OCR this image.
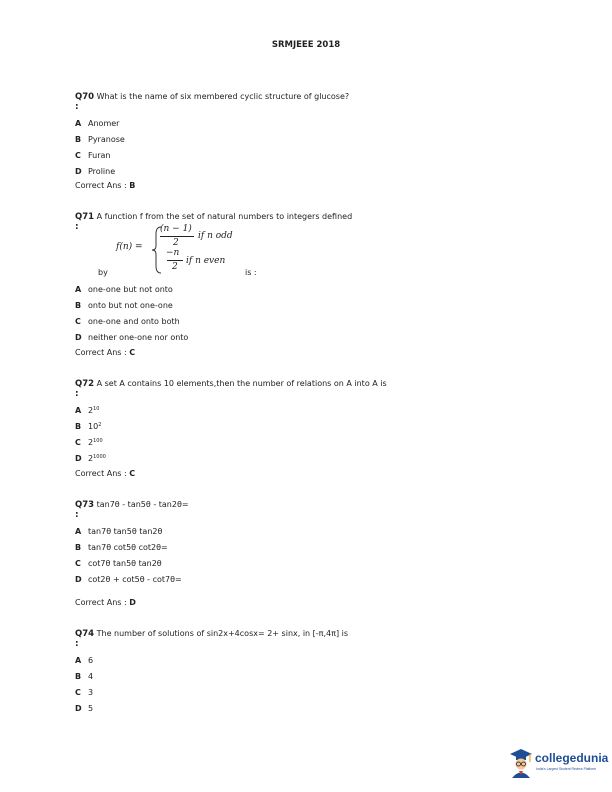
SRMJEEE 2018
Q70 What is the name of six membered cyclic structure of glucose?
:
A Anomer
B Pyranose
C Furan
D Proline
Correct Ans : B
Q71 A function f from the set of natural numbers to integers defined
:
f(n) =
(n − 1)
2
if n odd
−n
2
if n even
by	is :
A one-one but not onto
B onto but not one-one
C one-one and onto both
D neither one-one nor onto
Correct Ans : C
Q72 A set A contains 10 elements,then the number of relations on A into A is
:
A $2^{10}$
B $10^2$
C $2^{100}$
D $2^{1000}$
Correct Ans : C
Q73 tan7θ - tan5θ - tan2θ=
:
A tan7θ tan5θ tan2θ
B tan7θ cot5θ cot2θ=
C cot7θ tan5θ tan2θ
D cot2θ + cot5θ - cot7θ=
Correct Ans : D
Q74 The number of solutions of sin2x+4cosx= 2+ sinx, in [-π,4π] is
:
A 6
B 4
C 3
D 5
collegedunia
India's Largest Student Review Platform
